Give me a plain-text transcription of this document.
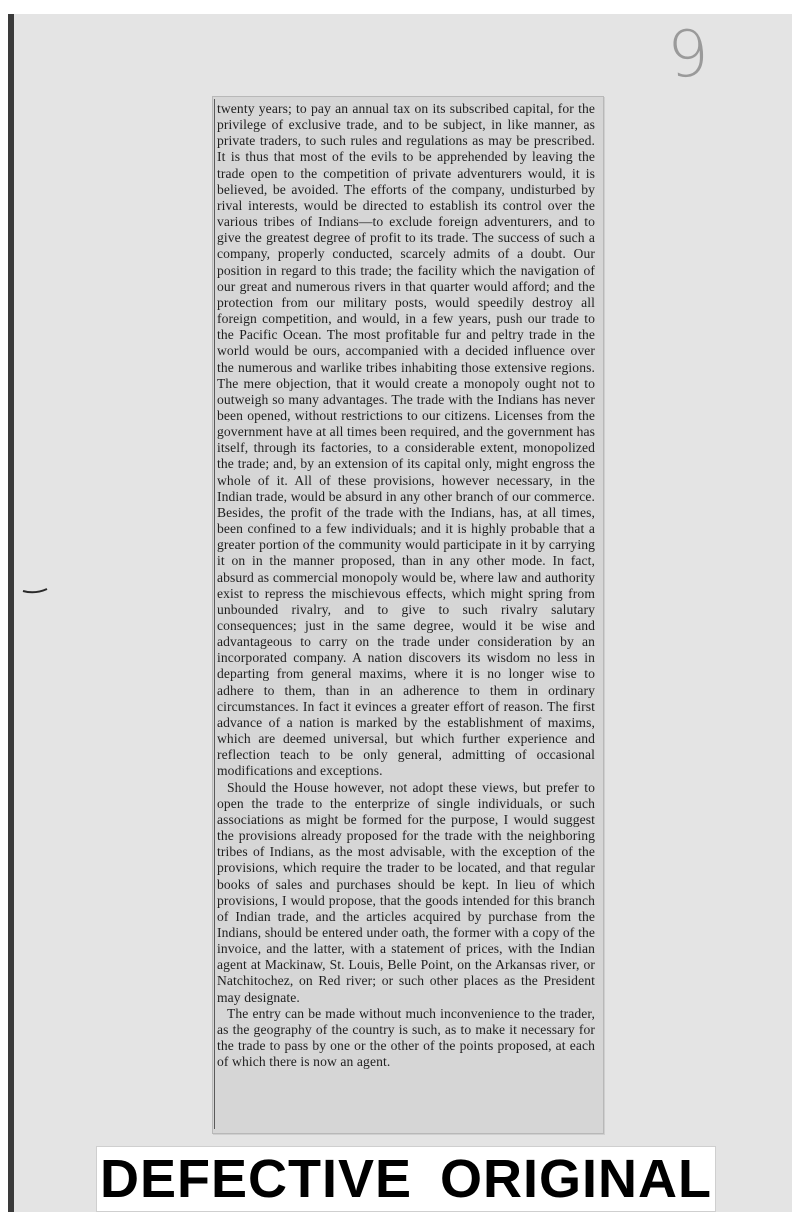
9

twenty years; to pay an annual tax on its subscribed capital, for the privilege of exclusive trade, and to be subject, in like manner, as private traders, to such rules and regulations as may be prescribed. It is thus that most of the evils to be apprehended by leaving the trade open to the competition of private adventurers would, it is believed, be avoided. The efforts of the company, undisturbed by rival interests, would be directed to establish its control over the various tribes of Indians—to exclude foreign adventurers, and to give the greatest degree of profit to its trade. The success of such a company, properly conducted, scarcely admits of a doubt. Our position in regard to this trade; the facility which the navigation of our great and numerous rivers in that quarter would afford; and the protection from our military posts, would speedily destroy all foreign competition, and would, in a few years, push our trade to the Pacific Ocean. The most profitable fur and peltry trade in the world would be ours, accompanied with a decided influence over the numerous and warlike tribes inhabiting those extensive regions. The mere objection, that it would create a monopoly ought not to outweigh so many advantages. The trade with the Indians has never been opened, without restrictions to our citizens. Licenses from the government have at all times been required, and the government has itself, through its factories, to a considerable extent, monopolized the trade; and, by an extension of its capital only, might engross the whole of it. All of these provisions, however necessary, in the Indian trade, would be absurd in any other branch of our commerce. Besides, the profit of the trade with the Indians, has, at all times, been confined to a few individuals; and it is highly probable that a greater portion of the community would participate in it by carrying it on in the manner proposed, than in any other mode. In fact, absurd as commercial monopoly would be, where law and authority exist to repress the mischievous effects, which might spring from unbounded rivalry, and to give to such rivalry salutary consequences; just in the same degree, would it be wise and advantageous to carry on the trade under consideration by an incorporated company. A nation discovers its wisdom no less in departing from general maxims, where it is no longer wise to adhere to them, than in an adherence to them in ordinary circumstances. In fact it evinces a greater effort of reason. The first advance of a nation is marked by the establishment of maxims, which are deemed universal, but which further experience and reflection teach to be only general, admitting of occasional modifications and exceptions.

Should the House however, not adopt these views, but prefer to open the trade to the enterprize of single individuals, or such associations as might be formed for the purpose, I would suggest the provisions already proposed for the trade with the neighboring tribes of Indians, as the most advisable, with the exception of the provisions, which require the trader to be located, and that regular books of sales and purchases should be kept. In lieu of which provisions, I would propose, that the goods intended for this branch of Indian trade, and the articles acquired by purchase from the Indians, should be entered under oath, the former with a copy of the invoice, and the latter, with a statement of prices, with the Indian agent at Mackinaw, St. Louis, Belle Point, on the Arkansas river, or Natchitochez, on Red river; or such other places as the President may designate.

The entry can be made without much inconvenience to the trader, as the geography of the country is such, as to make it necessary for the trade to pass by one or the other of the points proposed, at each of which there is now an agent.

DEFECTIVE ORIGINAL
